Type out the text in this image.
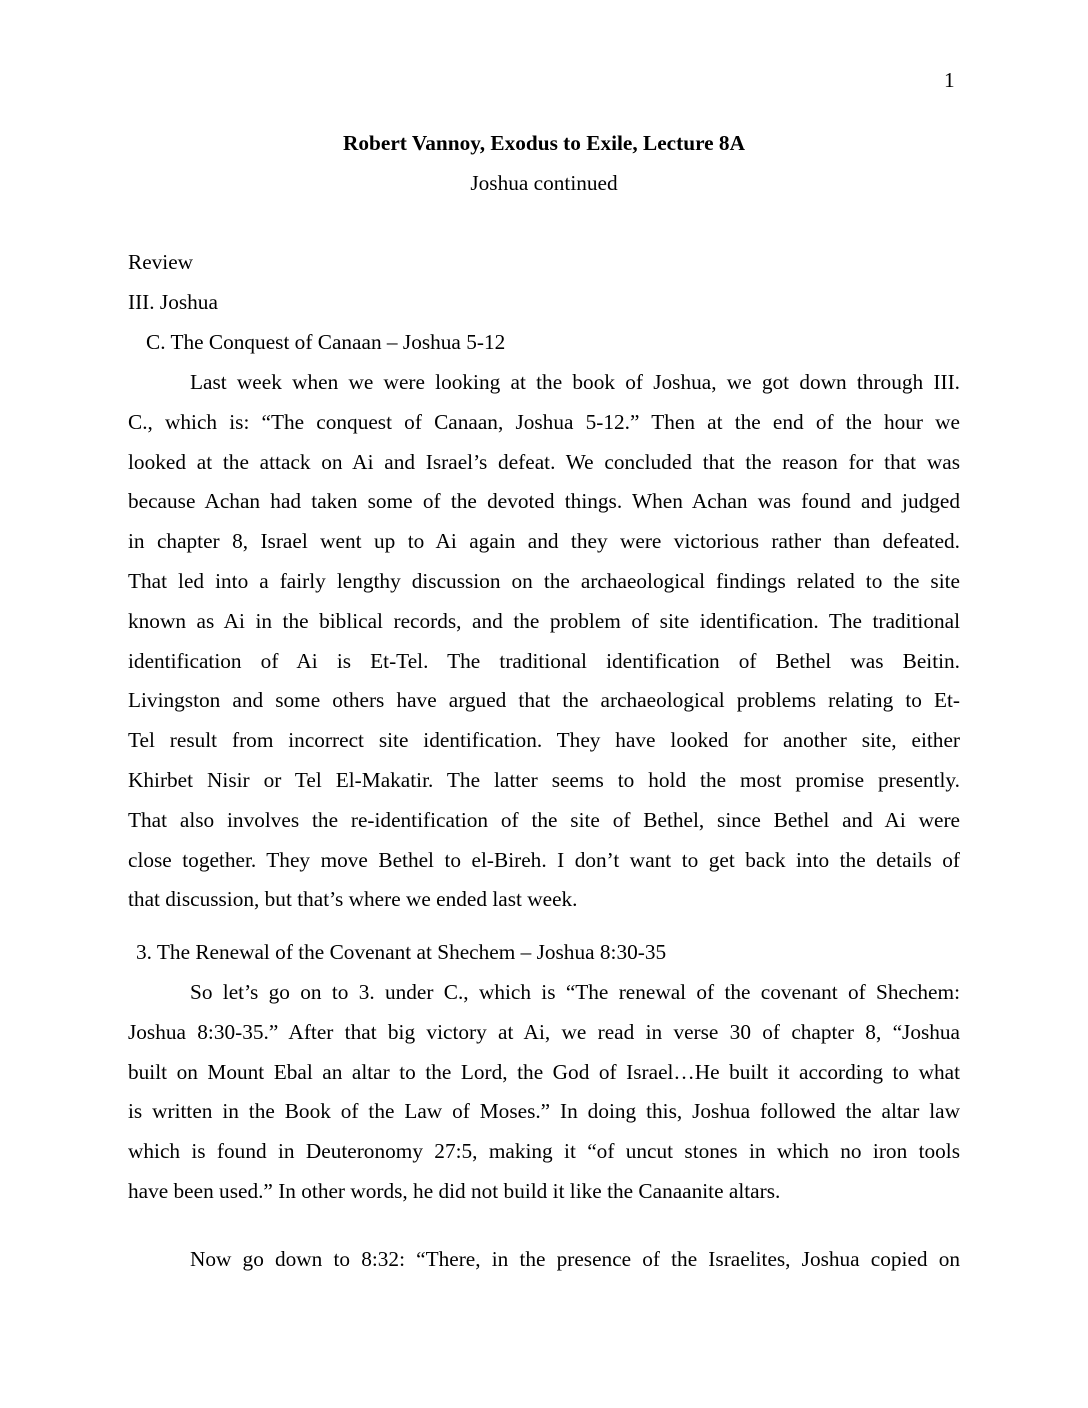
1
Robert Vannoy, Exodus to Exile, Lecture 8A
Joshua continued
Review
III. Joshua
C. The Conquest of Canaan – Joshua 5-12
Last week when we were looking at the book of Joshua, we got down through III.
C., which is: “The conquest of Canaan, Joshua 5-12.” Then at the end of the hour we
looked at the attack on Ai and Israel’s defeat. We concluded that the reason for that was
because Achan had taken some of the devoted things. When Achan was found and judged
in chapter 8, Israel went up to Ai again and they were victorious rather than defeated.
That led into a fairly lengthy discussion on the archaeological findings related to the site
known as Ai in the biblical records, and the problem of site identification. The traditional
identification of Ai is Et-Tel. The traditional identification of Bethel was Beitin.
Livingston and some others have argued that the archaeological problems relating to Et-
Tel result from incorrect site identification. They have looked for another site, either
Khirbet Nisir or Tel El-Makatir. The latter seems to hold the most promise presently.
That also involves the re-identification of the site of Bethel, since Bethel and Ai were
close together. They move Bethel to el-Bireh. I don’t want to get back into the details of
that discussion, but that’s where we ended last week.
3. The Renewal of the Covenant at Shechem – Joshua 8:30-35
So let’s go on to 3. under C., which is “The renewal of the covenant of Shechem:
Joshua 8:30-35.” After that big victory at Ai, we read in verse 30 of chapter 8, “Joshua
built on Mount Ebal an altar to the Lord, the God of Israel…He built it according to what
is written in the Book of the Law of Moses.” In doing this, Joshua followed the altar law
which is found in Deuteronomy 27:5, making it “of uncut stones in which no iron tools
have been used.” In other words, he did not build it like the Canaanite altars.
Now go down to 8:32: “There, in the presence of the Israelites, Joshua copied on
